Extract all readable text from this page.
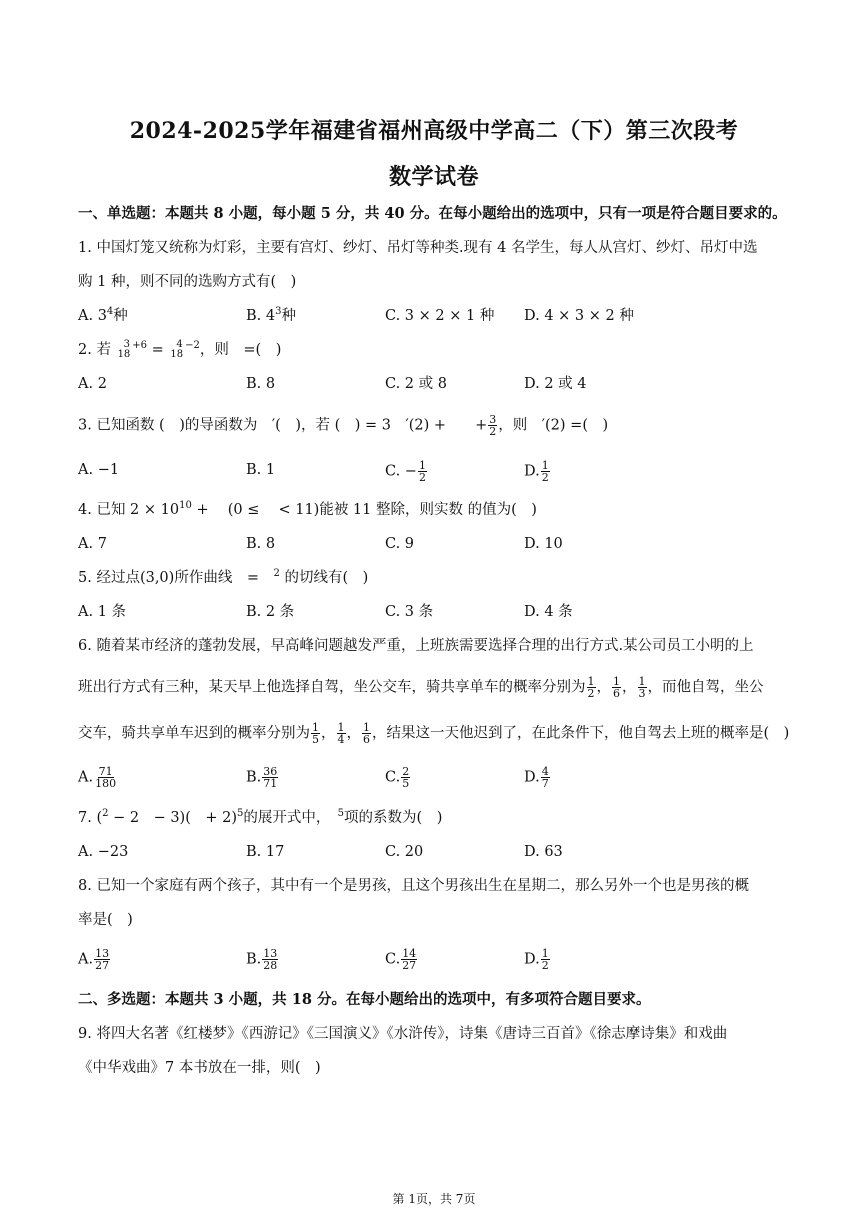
2024-2025学年福建省福州高级中学高二（下）第三次段考
数学试卷
一、单选题：本题共 8 小题，每小题 5 分，共 40 分。在每小题给出的选项中，只有一项是符合题目要求的。
1. 中国灯笼又统称为灯彩，主要有宫灯、纱灯、吊灯等种类.现有 4 名学生，每人从宫灯、纱灯、吊灯中选
购 1 种，则不同的选购方式有(　)
A. $3^4$种	B. $4^3$种	C. 3 × 2 × 1 种 D. 4 × 3 × 2 种
2. 若	3
18
$^{+6}$ =	4
18
$^{-2}$，则　=(　)
A. 2	B. 8	C. 2 或 8	D. 2 或 4
3. 已知函数 (　)的导函数为　′(　)，若 (　) = 3　′(2) +　　+ $\frac{3}{2}$ ，则　′(2) =(　)
A. −1	B. 1	C. − $\frac{1}{2}$	D. $\frac{1}{2}$
4. 已知 $2 \times 10^{10}$ + 　(0 ≤　 < 11)能被 11 整除，则实数 的值为(　)
A. 7	B. 8	C. 9	D. 10
5. 经过点(3,0)所作曲线　=　$^2$ 的切线有(　)
A. 1 条	B. 2 条	C. 3 条	D. 4 条
6. 随着某市经济的蓬勃发展，早高峰问题越发严重，上班族需要选择合理的出行方式.某公司员工小明的上
班出行方式有三种，某天早上他选择自驾，坐公交车，骑共享单车的概率分别为 $\frac{1}{2}$ ， $\frac{1}{6}$ ， $\frac{1}{3}$ ，而他自驾，坐公
交车，骑共享单车迟到的概率分别为 $\frac{1}{5}$ ， $\frac{1}{4}$ ， $\frac{1}{6}$ ，结果这一天他迟到了，在此条件下，他自驾去上班的概率是(　)
A. $\frac{71}{180}$	B. $\frac{36}{71}$	C. $\frac{2}{5}$	D. $\frac{4}{7}$
7. ($^2$ − 2　− 3)(　+ 2)$^5$的展开式中，　$^5$项的系数为(　)
A. −23	B. 17	C. 20	D. 63
8. 已知一个家庭有两个孩子，其中有一个是男孩，且这个男孩出生在星期二，那么另外一个也是男孩的概
率是(　)
A. $\frac{13}{27}$	B. $\frac{13}{28}$	C. $\frac{14}{27}$	D. $\frac{1}{2}$
二、多选题：本题共 3 小题，共 18 分。在每小题给出的选项中，有多项符合题目要求。
9. 将四大名著《红楼梦》《西游记》《三国演义》《水浒传》，诗集《唐诗三百首》《徐志摩诗集》和戏曲
《中华戏曲》7 本书放在一排，则(　)
第 1页，共 7页
